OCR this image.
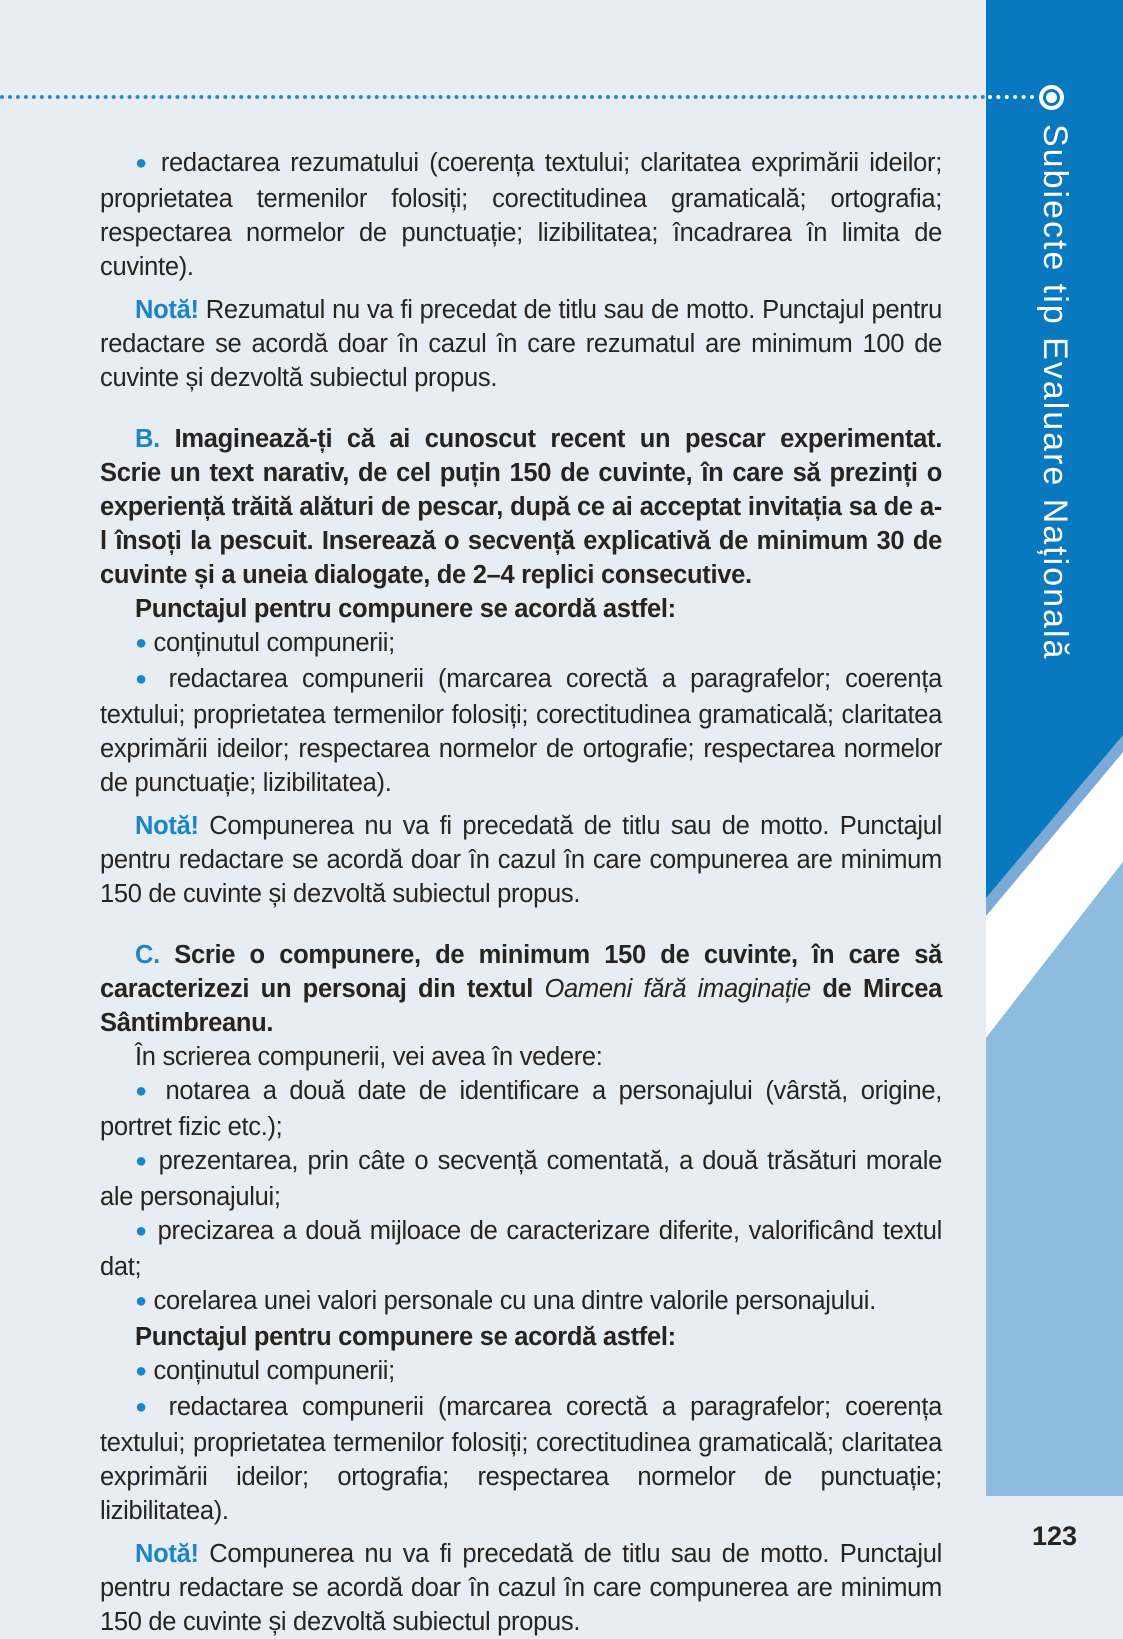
Subiecte tip Evaluare Națională

● redactarea rezumatului (coerența textului; claritatea exprimării ideilor; proprietatea termenilor folosiți; corectitudinea gramaticală; ortografia; respectarea normelor de punctuație; lizibilitatea; încadrarea în limita de cuvinte).

Notă! Rezumatul nu va fi precedat de titlu sau de motto. Punctajul pentru redactare se acordă doar în cazul în care rezumatul are minimum 100 de cuvinte și dezvoltă subiectul propus.

B. Imaginează-ți că ai cunoscut recent un pescar experimentat. Scrie un text narativ, de cel puțin 150 de cuvinte, în care să prezinți o experiență trăită alături de pescar, după ce ai acceptat invitația sa de a-l însoți la pescuit. Inserează o secvență explicativă de minimum 30 de cuvinte și a uneia dialogate, de 2–4 replici consecutive.

Punctajul pentru compunere se acordă astfel:

● conținutul compunerii;

● redactarea compunerii (marcarea corectă a paragrafelor; coerența textului; proprietatea termenilor folosiți; corectitudinea gramaticală; claritatea exprimării ideilor; respectarea normelor de ortografie; respectarea normelor de punctuație; lizibilitatea).

Notă! Compunerea nu va fi precedată de titlu sau de motto. Punctajul pentru redactare se acordă doar în cazul în care compunerea are minimum 150 de cuvinte și dezvoltă subiectul propus.

C. Scrie o compunere, de minimum 150 de cuvinte, în care să caracterizezi un personaj din textul Oameni fără imaginație de Mircea Sântimbreanu.

În scrierea compunerii, vei avea în vedere:

● notarea a două date de identificare a personajului (vârstă, origine, portret fizic etc.);

● prezentarea, prin câte o secvență comentată, a două trăsături morale ale personajului;

● precizarea a două mijloace de caracterizare diferite, valorificând textul dat;

● corelarea unei valori personale cu una dintre valorile personajului.

Punctajul pentru compunere se acordă astfel:

● conținutul compunerii;

● redactarea compunerii (marcarea corectă a paragrafelor; coerența textului; proprietatea termenilor folosiți; corectitudinea gramaticală; claritatea exprimării ideilor; ortografia; respectarea normelor de punctuație; lizibilitatea).

Notă! Compunerea nu va fi precedată de titlu sau de motto. Punctajul pentru redactare se acordă doar în cazul în care compunerea are minimum 150 de cuvinte și dezvoltă subiectul propus.

123
